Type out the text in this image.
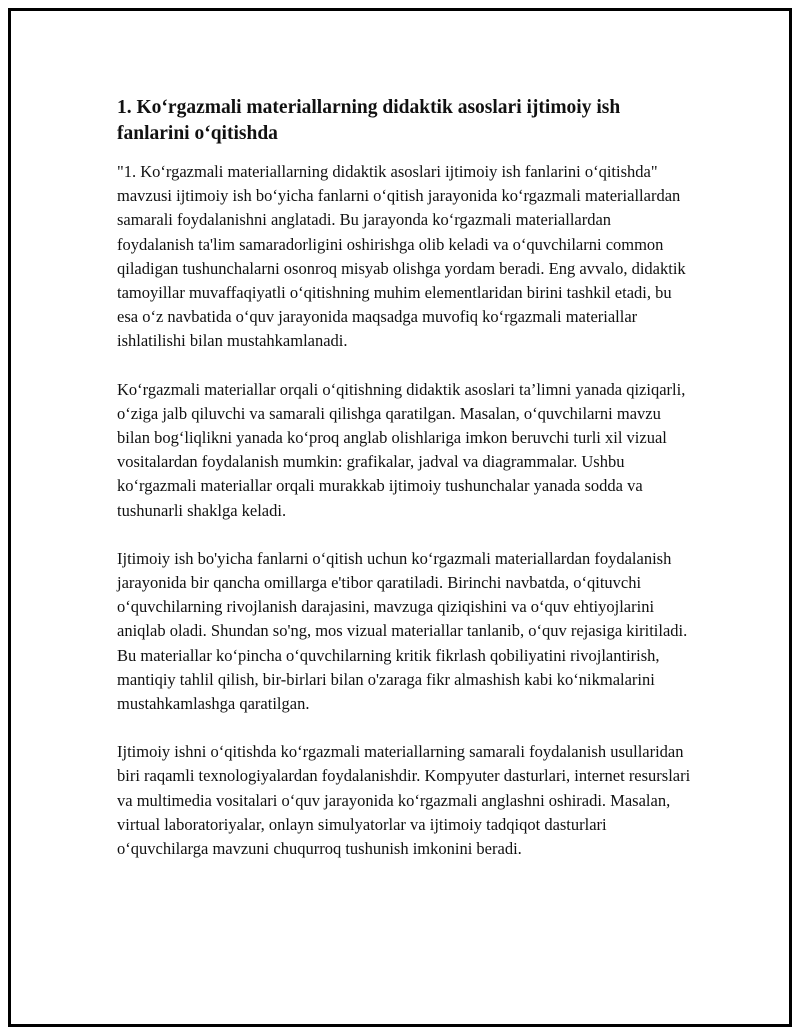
1. Ko‘rgazmali materiallarning didaktik asoslari ijtimoiy ish fanlarini o‘qitishda

"1. Ko‘rgazmali materiallarning didaktik asoslari ijtimoiy ish fanlarini o‘qitishda" mavzusi ijtimoiy ish bo‘yicha fanlarni o‘qitish jarayonida ko‘rgazmali materiallardan samarali foydalanishni anglatadi. Bu jarayonda ko‘rgazmali materiallardan foydalanish ta'lim samaradorligini oshirishga olib keladi va o‘quvchilarni common qiladigan tushunchalarni osonroq misyab olishga yordam beradi. Eng avvalo, didaktik tamoyillar muvaffaqiyatli o‘qitishning muhim elementlaridan birini tashkil etadi, bu esa o‘z navbatida o‘quv jarayonida maqsadga muvofiq ko‘rgazmali materiallar ishlatilishi bilan mustahkamlanadi.

Ko‘rgazmali materiallar orqali o‘qitishning didaktik asoslari ta’limni yanada qiziqarli, o‘ziga jalb qiluvchi va samarali qilishga qaratilgan. Masalan, o‘quvchilarni mavzu bilan bog‘liqlikni yanada ko‘proq anglab olishlariga imkon beruvchi turli xil vizual vositalardan foydalanish mumkin: grafikalar, jadval va diagrammalar. Ushbu ko‘rgazmali materiallar orqali murakkab ijtimoiy tushunchalar yanada sodda va tushunarli shaklga keladi.

Ijtimoiy ish bo'yicha fanlarni o‘qitish uchun ko‘rgazmali materiallardan foydalanish jarayonida bir qancha omillarga e'tibor qaratiladi. Birinchi navbatda, o‘qituvchi o‘quvchilarning rivojlanish darajasini, mavzuga qiziqishini va o‘quv ehtiyojlarini aniqlab oladi. Shundan so'ng, mos vizual materiallar tanlanib, o‘quv rejasiga kiritiladi. Bu materiallar ko‘pincha o‘quvchilarning kritik fikrlash qobiliyatini rivojlantirish, mantiqiy tahlil qilish, bir-birlari bilan o'zaraga fikr almashish kabi ko‘nikmalarini mustahkamlashga qaratilgan.

Ijtimoiy ishni o‘qitishda ko‘rgazmali materiallarning samarali foydalanish usullaridan biri raqamli texnologiyalardan foydalanishdir. Kompyuter dasturlari, internet resurslari va multimedia vositalari o‘quv jarayonida ko‘rgazmali anglashni oshiradi. Masalan, virtual laboratoriyalar, onlayn simulyatorlar va ijtimoiy tadqiqot dasturlari o‘quvchilarga mavzuni chuqurroq tushunish imkonini beradi.
